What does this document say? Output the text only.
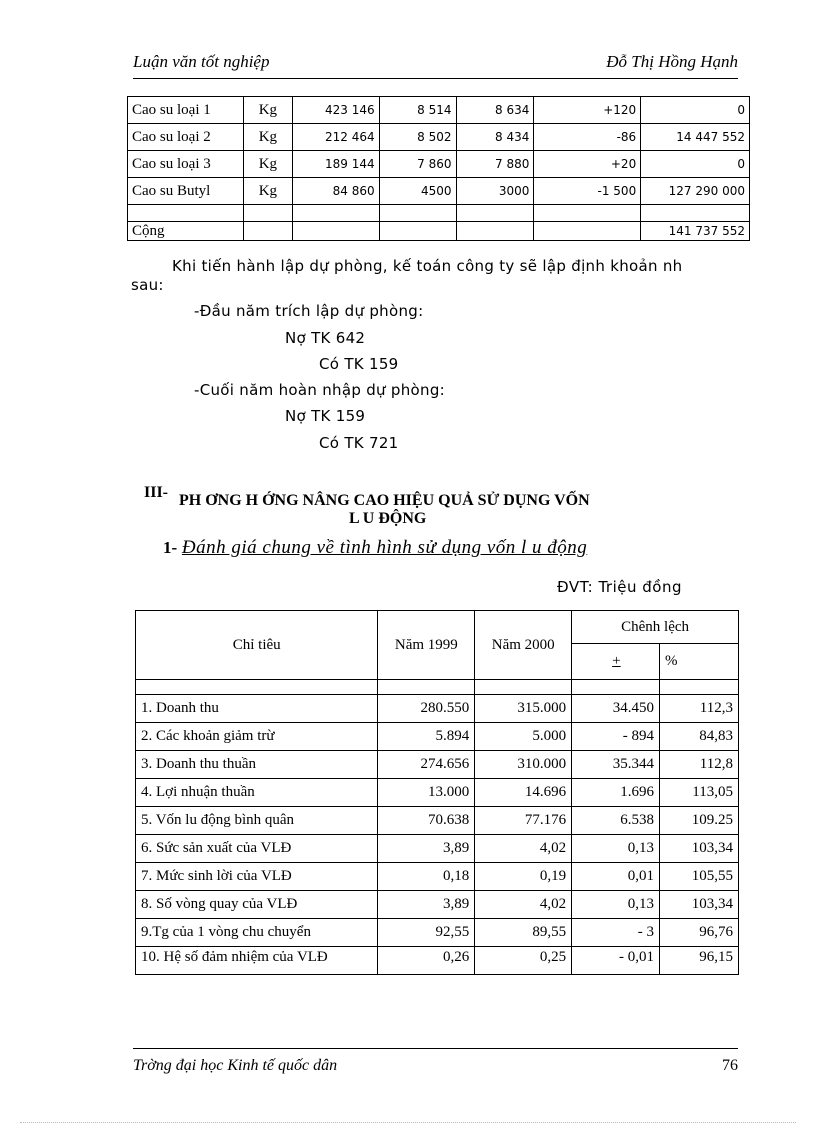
Luận văn tốt nghiệp	Đỗ Thị Hồng Hạnh
Cao su loại 1	Kg	423 146	8 514	8 634	+120	0
Cao su loại 2	Kg	212 464	8 502	8 434	-86	14 447 552
Cao su loại 3	Kg	189 144	7 860	7 880	+20	0
Cao su Butyl	Kg	84 860	4500	3000	-1 500	127 290 000

Cộng						141 737 552
Khi tiến hành lập dự phòng, kế toán công ty sẽ lập định khoản nh
sau:
-Đầu năm trích lập dự phòng:
Nợ TK 642
Có TK 159
-Cuối năm hoàn nhập dự phòng:
Nợ TK 159
Có TK 721
III- PH ƠNG H ỚNG NÂNG CAO HIỆU QUẢ SỬ DỤNG VỐN
L U ĐỘNG
1- Đánh giá chung về tình hình sử dụng vốn l u động
ĐVT: Triệu đồng
Chỉ tiêu	Năm 1999	Năm 2000	Chênh lệch	
			+	%

1. Doanh thu	280.550	315.000	34.450	112,3
2. Các khoản giảm trừ	5.894	5.000	- 894	84,83
3. Doanh thu thuần	274.656	310.000	35.344	112,8
4. Lợi nhuận thuần	13.000	14.696	1.696	113,05
5. Vốn lu động bình quân	70.638	77.176	6.538	109.25
6. Sức sản xuất của VLĐ	3,89	4,02	0,13	103,34
7. Mức sinh lời của VLĐ	0,18	0,19	0,01	105,55
8. Số vòng quay của VLĐ	3,89	4,02	0,13	103,34
9.Tg của 1 vòng chu chuyển	92,55	89,55	- 3	96,76
10. Hệ số đảm nhiệm của VLĐ	0,26	0,25	- 0,01	96,15
Trờng đại học Kinh tế quốc dân	76
